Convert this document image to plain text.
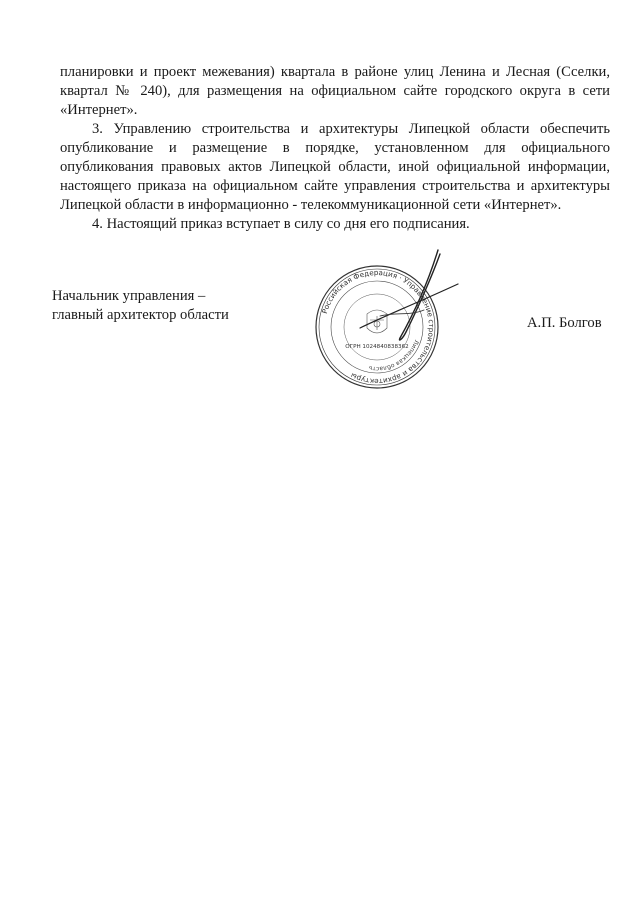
планировки и проект межевания) квартала в районе улиц Ленина и Лесная (Сселки, квартал № 240), для размещения на официальном сайте городского округа в сети «Интернет».

3. Управлению строительства и архитектуры Липецкой области обеспечить опубликование и размещение в порядке, установленном для официального опубликования правовых актов Липецкой области, иной официальной информации, настоящего приказа на официальном сайте управления строительства и архитектуры Липецкой области в информационно - телекоммуникационной сети «Интернет».

4. Настоящий приказ вступает в силу со дня его подписания.

Российская Федерация · Управление строительства и архитектуры
Липецкая область
ОГРН 1024840838362
Начальник управления –
главный архитектор области	А.П. Болгов
